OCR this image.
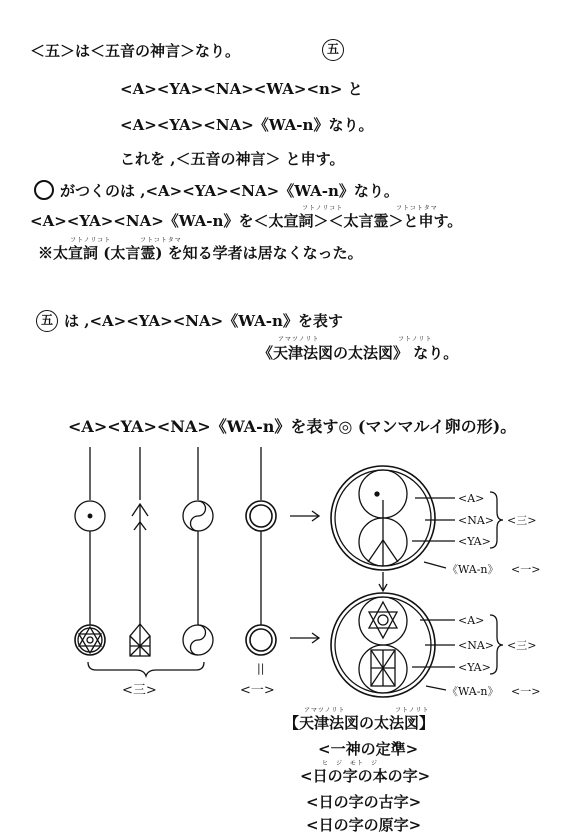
＜五＞は＜五音の神言＞なり。	五
<A><YA><NA><WA><n> と
<A><YA><NA>《WA-n》なり。
これを ,＜五音の神言＞ と申す。
がつくのは ,<A><YA><NA>《WA-n》なり。
フトノリコト	フトコトタマ
<A><YA><NA>《WA-n》を＜太宣詞＞＜太言霊＞と申す。
フトノリコト	フトコトタマ
※太宣詞 (太言霊) を知る学者は居なくなった。
五 は ,<A><YA><NA>《WA-n》を表す
アマツノリト	フトノリト
《天津法図の太法図》 なり。
<A><YA><NA>《WA-n》を表す◎ (マンマルイ卵の形)。
<A>
<NA>
<YA>
<三>
《WA-n》 <一>
<A>
<NA>
<YA>
<三>
《WA-n》 <一>
||
<三>	<一>
アマツノリト	フトノリト
【天津法図の太法図】
<一神の定準>
ヒ　ジ　モト　ジ
<日の字の本の字>
<日の字の古字>
<日の字の原字>
